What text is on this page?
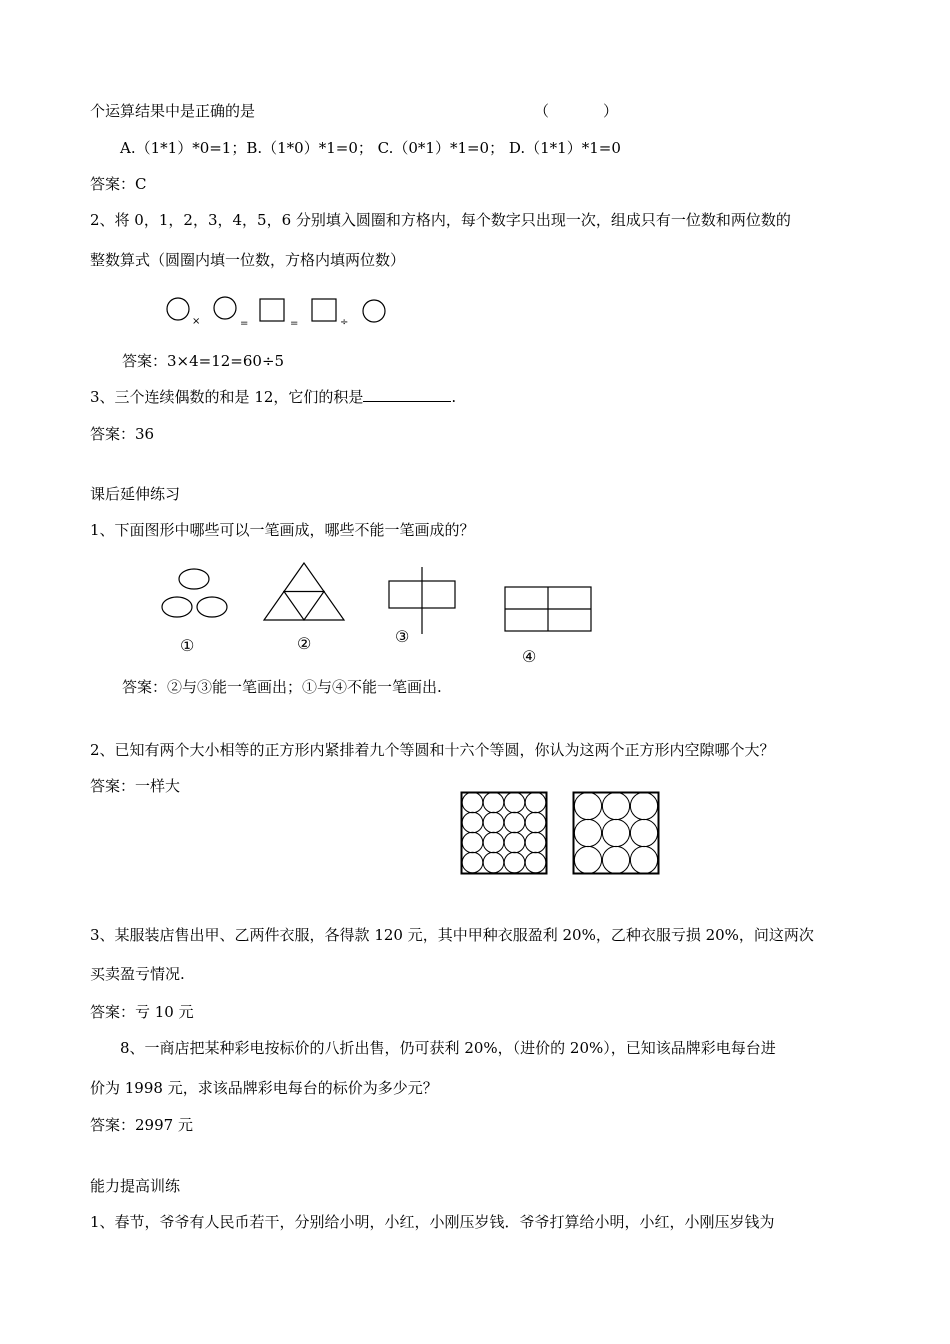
个运算结果中是正确的是	（	）
A.（1*1）*0=1；B.（1*0）*1=0； C.（0*1）*1=0； D.（1*1）*1=0
答案：C
2、将 0，1，2，3，4，5，6 分别填入圆圈和方格内，每个数字只出现一次，组成只有一位数和两位数的
整数算式（圆圈内填一位数，方格内填两位数）
×	=	=	÷
答案：3×4=12=60÷5
3、三个连续偶数的和是 12，它们的积是	.
答案：36
课后延伸练习
1、下面图形中哪些可以一笔画成，哪些不能一笔画成的？
①	②	③
④
答案：②与③能一笔画出；①与④不能一笔画出.
2、已知有两个大小相等的正方形内紧排着九个等圆和十六个等圆，你认为这两个正方形内空隙哪个大？
答案：一样大
3、某服装店售出甲、乙两件衣服，各得款 120 元，其中甲种衣服盈利 20%，乙种衣服亏损 20%，问这两次
买卖盈亏情况.
答案：亏 10 元
8、一商店把某种彩电按标价的八折出售，仍可获利 20%，（进价的 20%），已知该品牌彩电每台进
价为 1998 元，求该品牌彩电每台的标价为多少元？
答案：2997 元
能力提高训练
1、春节，爷爷有人民币若干，分别给小明，小红，小刚压岁钱．爷爷打算给小明，小红，小刚压岁钱为
